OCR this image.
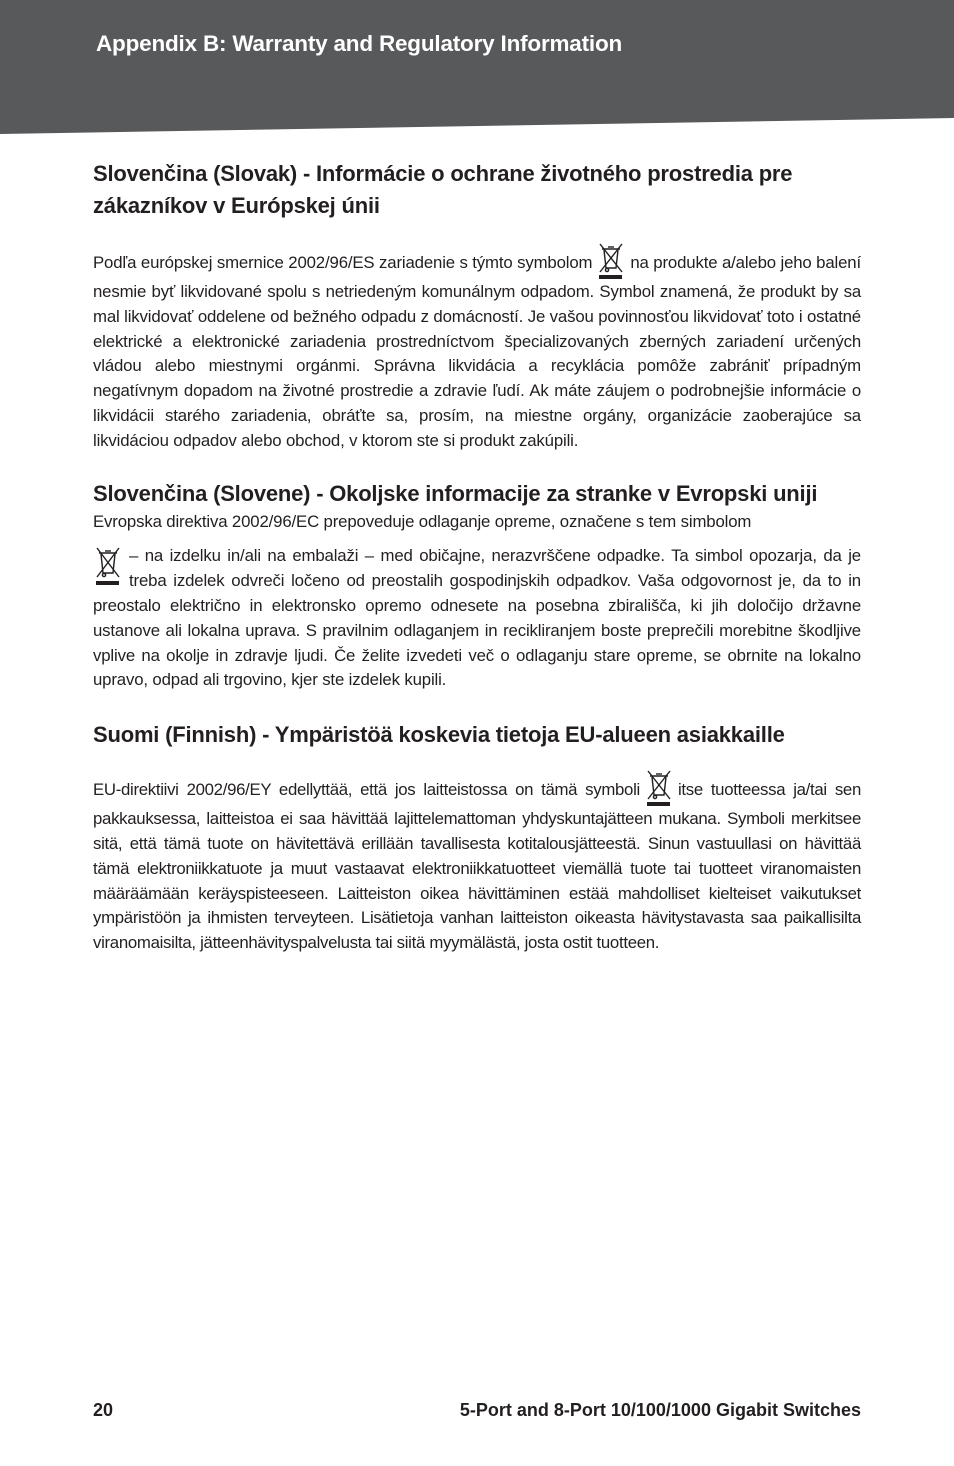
Appendix B: Warranty and Regulatory Information
Slovenčina (Slovak) - Informácie o ochrane životného prostredia pre zákazníkov v Európskej únii

Podľa európskej smernice 2002/96/ES zariadenie s týmto symbolom na produkte a/alebo jeho balení nesmie byť likvidované spolu s netriedeným komunálnym odpadom. Symbol znamená, že produkt by sa mal likvidovať oddelene od bežného odpadu z domácností. Je vašou povinnosťou likvidovať toto i ostatné elektrické a elektronické zariadenia prostredníctvom špecializovaných zberných zariadení určených vládou alebo miestnymi orgánmi. Správna likvidácia a recyklácia pomôže zabrániť prípadným negatívnym dopadom na životné prostredie a zdravie ľudí. Ak máte záujem o podrobnejšie informácie o likvidácii starého zariadenia, obráťte sa, prosím, na miestne orgány, organizácie zaoberajúce sa likvidáciou odpadov alebo obchod, v ktorom ste si produkt zakúpili.

Slovenčina (Slovene) - Okoljske informacije za stranke v Evropski uniji

Evropska direktiva 2002/96/EC prepoveduje odlaganje opreme, označene s tem simbolom
– na izdelku in/ali na embalaži – med običajne, nerazvrščene odpadke. Ta simbol opozarja, da je treba izdelek odvreči ločeno od preostalih gospodinjskih odpadkov. Vaša odgovornost je, da to in preostalo električno in elektronsko opremo odnesete na posebna zbirališča, ki jih določijo državne ustanove ali lokalna uprava. S pravilnim odlaganjem in recikliranjem boste preprečili morebitne škodljive vplive na okolje in zdravje ljudi. Če želite izvedeti več o odlaganju stare opreme, se obrnite na lokalno upravo, odpad ali trgovino, kjer ste izdelek kupili.

Suomi (Finnish) - Ympäristöä koskevia tietoja EU-alueen asiakkaille

EU-direktiivi 2002/96/EY edellyttää, että jos laitteistossa on tämä symboli itse tuotteessa ja/tai sen pakkauksessa, laitteistoa ei saa hävittää lajittelemattoman yhdyskuntajätteen mukana. Symboli merkitsee sitä, että tämä tuote on hävitettävä erillään tavallisesta kotitalousjätteestä. Sinun vastuullasi on hävittää tämä elektroniikkatuote ja muut vastaavat elektroniikkatuotteet viemällä tuote tai tuotteet viranomaisten määräämään keräyspisteeseen. Laitteiston oikea hävittäminen estää mahdolliset kielteiset vaikutukset ympäristöön ja ihmisten terveyteen. Lisätietoja vanhan laitteiston oikeasta hävitystavasta saa paikallisilta viranomaisilta, jätteenhävityspalvelusta tai siitä myymälästä, josta ostit tuotteen.

20	5-Port and 8-Port 10/100/1000 Gigabit Switches
